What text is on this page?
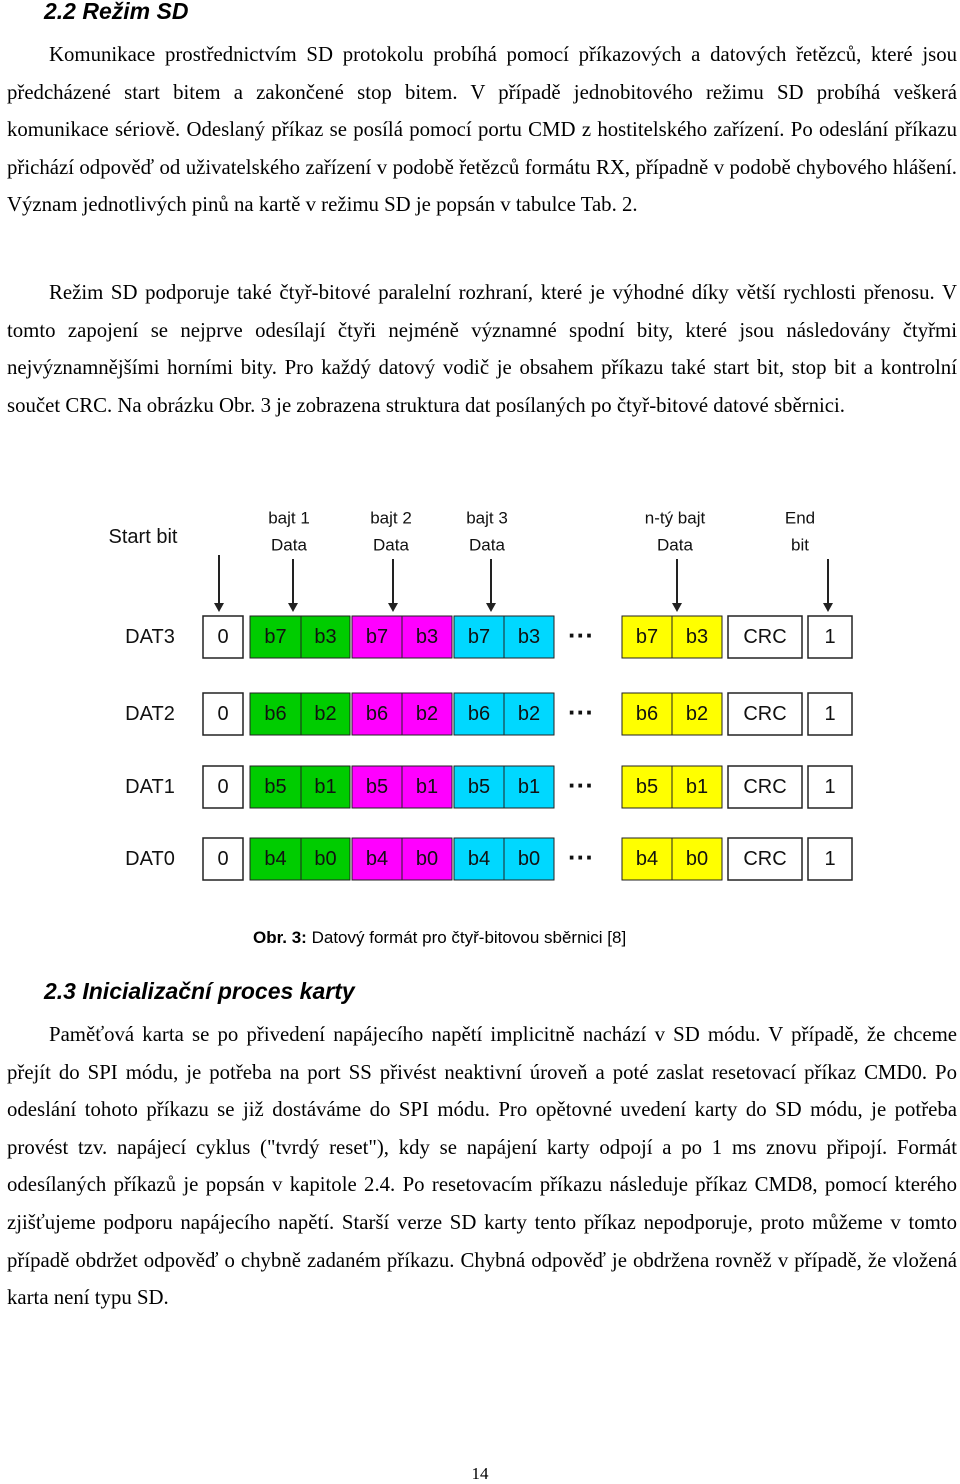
2.2 Režim SD

Komunikace prostřednictvím SD protokolu probíhá pomocí příkazových a datových řetězců, které jsou předcházené start bitem a zakončené stop bitem. V případě jednobitového režimu SD probíhá veškerá komunikace sériově. Odeslaný příkaz se posílá pomocí portu CMD z hostitelského zařízení. Po odeslání příkazu přichází odpověď od uživatelského zařízení v podobě řetězců formátu RX, případně v podobě chybového hlášení. Význam jednotlivých pinů na kartě v režimu SD je popsán v tabulce Tab. 2.

Režim SD podporuje také čtyř-bitové paralelní rozhraní, které je výhodné díky větší rychlosti přenosu. V tomto zapojení se nejprve odesílají čtyři nejméně významné spodní bity, které jsou následovány čtyřmi nejvýznamnějšími horními bity. Pro každý datový vodič je obsahem příkazu také start bit, stop bit a kontrolní součet CRC. Na obrázku Obr. 3 je zobrazena struktura dat posílaných po čtyř-bitové datové sběrnici.

Start bit
bajt 1
Data
bajt 2
Data
bajt 3
Data
n-tý bajt
Data
End
bit
DAT3 0 b7 b3 b7 b3 b7 b3 ··· b7 b3 CRC 1
DAT2 0 b6 b2 b6 b2 b6 b2 ··· b6 b2 CRC 1
DAT1 0 b5 b1 b5 b1 b5 b1 ··· b5 b1 CRC 1
DAT0 0 b4 b0 b4 b0 b4 b0 ··· b4 b0 CRC 1

Obr. 3: Datový formát pro čtyř-bitovou sběrnici [8]

2.3 Inicializační proces karty

Paměťová karta se po přivedení napájecího napětí implicitně nachází v SD módu. V případě, že chceme přejít do SPI módu, je potřeba na port SS přivést neaktivní úroveň a poté zaslat resetovací příkaz CMD0. Po odeslání tohoto příkazu se již dostáváme do SPI módu. Pro opětovné uvedení karty do SD módu, je potřeba provést tzv. napájecí cyklus ("tvrdý reset"), kdy se napájení karty odpojí a po 1 ms znovu připojí. Formát odesílaných příkazů je popsán v kapitole 2.4. Po resetovacím příkazu následuje příkaz CMD8, pomocí kterého zjišťujeme podporu napájecího napětí. Starší verze SD karty tento příkaz nepodporuje, proto můžeme v tomto případě obdržet odpověď o chybně zadaném příkazu. Chybná odpověď je obdržena rovněž v případě, že vložená karta není typu SD.

14
